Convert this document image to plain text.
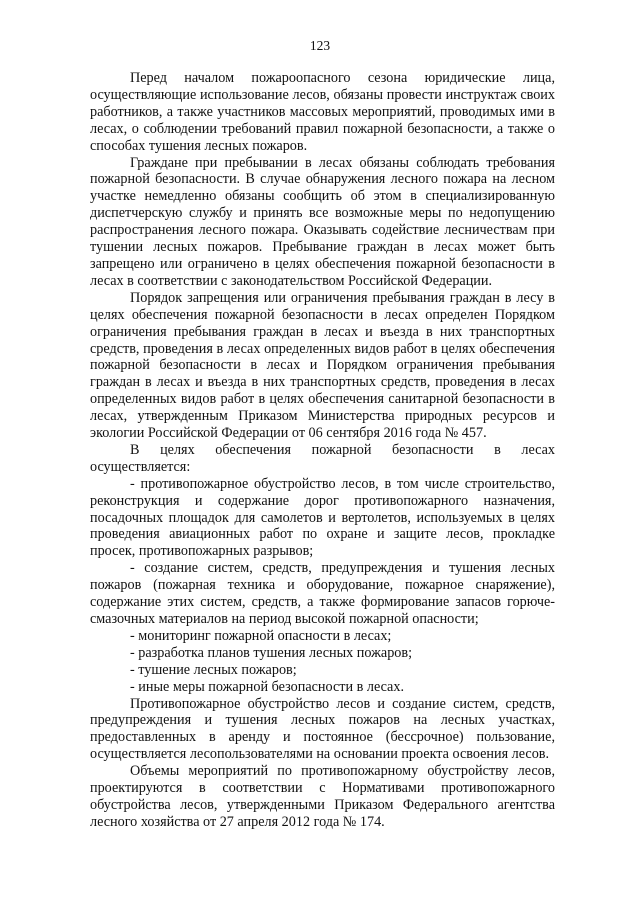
123

Перед началом пожароопасного сезона юридические лица, осуществляющие использование лесов, обязаны провести инструктаж своих работников, а также участников массовых мероприятий, проводимых ими в лесах, о соблюдении требований правил пожарной безопасности, а также о способах тушения лесных пожаров.

Граждане при пребывании в лесах обязаны соблюдать требования пожарной безопасности. В случае обнаружения лесного пожара на лесном участке немедленно обязаны сообщить об этом в специализированную диспетчерскую службу и принять все возможные меры по недопущению распространения лесного пожара. Оказывать содействие лесничествам при тушении лесных пожаров. Пребывание граждан в лесах может быть запрещено или ограничено в целях обеспечения пожарной безопасности в лесах в соответствии с законодательством Российской Федерации.

Порядок запрещения или ограничения пребывания граждан в лесу в целях обеспечения пожарной безопасности в лесах определен Порядком ограничения пребывания граждан в лесах и въезда в них транспортных средств, проведения в лесах определенных видов работ в целях обеспечения пожарной безопасности в лесах и Порядком ограничения пребывания граждан в лесах и въезда в них транспортных средств, проведения в лесах определенных видов работ в целях обеспечения санитарной безопасности в лесах, утвержденным Приказом Министерства природных ресурсов и экологии Российской Федерации от 06 сентября 2016 года № 457.

В целях обеспечения пожарной безопасности в лесах осуществляется:

- противопожарное обустройство лесов, в том числе строительство, реконструкция и содержание дорог противопожарного назначения, посадочных площадок для самолетов и вертолетов, используемых в целях проведения авиационных работ по охране и защите лесов, прокладке просек, противопожарных разрывов;

- создание систем, средств, предупреждения и тушения лесных пожаров (пожарная техника и оборудование, пожарное снаряжение), содержание этих систем, средств, а также формирование запасов горюче-смазочных материалов на период высокой пожарной опасности;

- мониторинг пожарной опасности в лесах;

- разработка планов тушения лесных пожаров;

- тушение лесных пожаров;

- иные меры пожарной безопасности в лесах.

Противопожарное обустройство лесов и создание систем, средств, предупреждения и тушения лесных пожаров на лесных участках, предоставленных в аренду и постоянное (бессрочное) пользование, осуществляется лесопользователями на основании проекта освоения лесов.

Объемы мероприятий по противопожарному обустройству лесов, проектируются в соответствии с Нормативами противопожарного обустройства лесов, утвержденными Приказом Федерального агентства лесного хозяйства от 27 апреля 2012 года № 174.
